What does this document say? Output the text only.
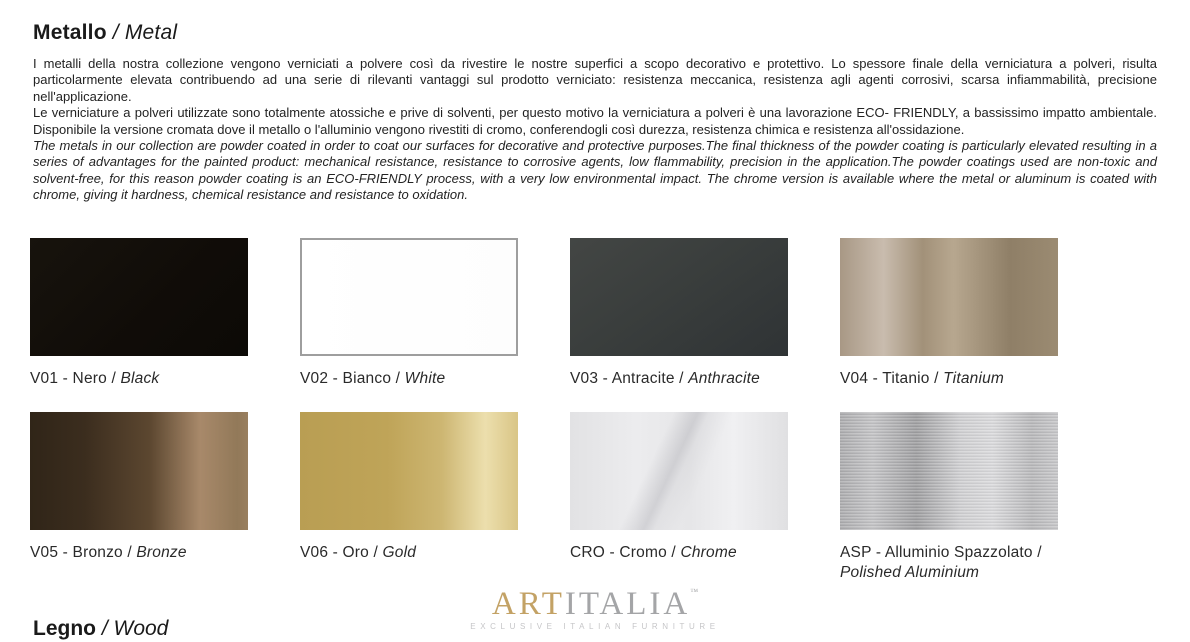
Metallo / Metal

I metalli della nostra collezione vengono verniciati a polvere così da rivestire le nostre superfici a scopo decorativo e protettivo. Lo spessore finale della verniciatura a polveri, risulta particolarmente elevata contribuendo ad una serie di rilevanti vantaggi sul prodotto verniciato: resistenza meccanica, resistenza agli agenti corrosivi, scarsa infiammabilità, precisione nell'applicazione.

Le verniciature a polveri utilizzate sono totalmente atossiche e prive di solventi, per questo motivo la verniciatura a polveri è una lavorazione ECO- FRIENDLY, a bassissimo impatto ambientale. Disponibile la versione cromata dove il metallo o l'alluminio vengono rivestiti di cromo, conferendogli così durezza, resistenza chimica e resistenza all'ossidazione.

The metals in our collection are powder coated in order to coat our surfaces for decorative and protective purposes.The final thickness of the powder coating is particularly elevated resulting in a series of advantages for the painted product: mechanical resistance, resistance to corrosive agents, low flammability, precision in the application.The powder coatings used are non-toxic and solvent-free, for this reason powder coating is an ECO-FRIENDLY process, with a very low environmental impact. The chrome version is available where the metal or aluminum is coated with chrome, giving it hardness, chemical resistance and resistance to oxidation.

V01 - Nero / Black	V02 - Bianco / White	V03 - Antracite / Anthracite	V04 - Titanio / Titanium
V05 - Bronzo / Bronze	V06 - Oro / Gold	CRO - Cromo / Chrome	ASP - Alluminio Spazzolato / Polished Aluminium
ARTITALIA™
EXCLUSIVE ITALIAN FURNITURE
Legno / Wood
